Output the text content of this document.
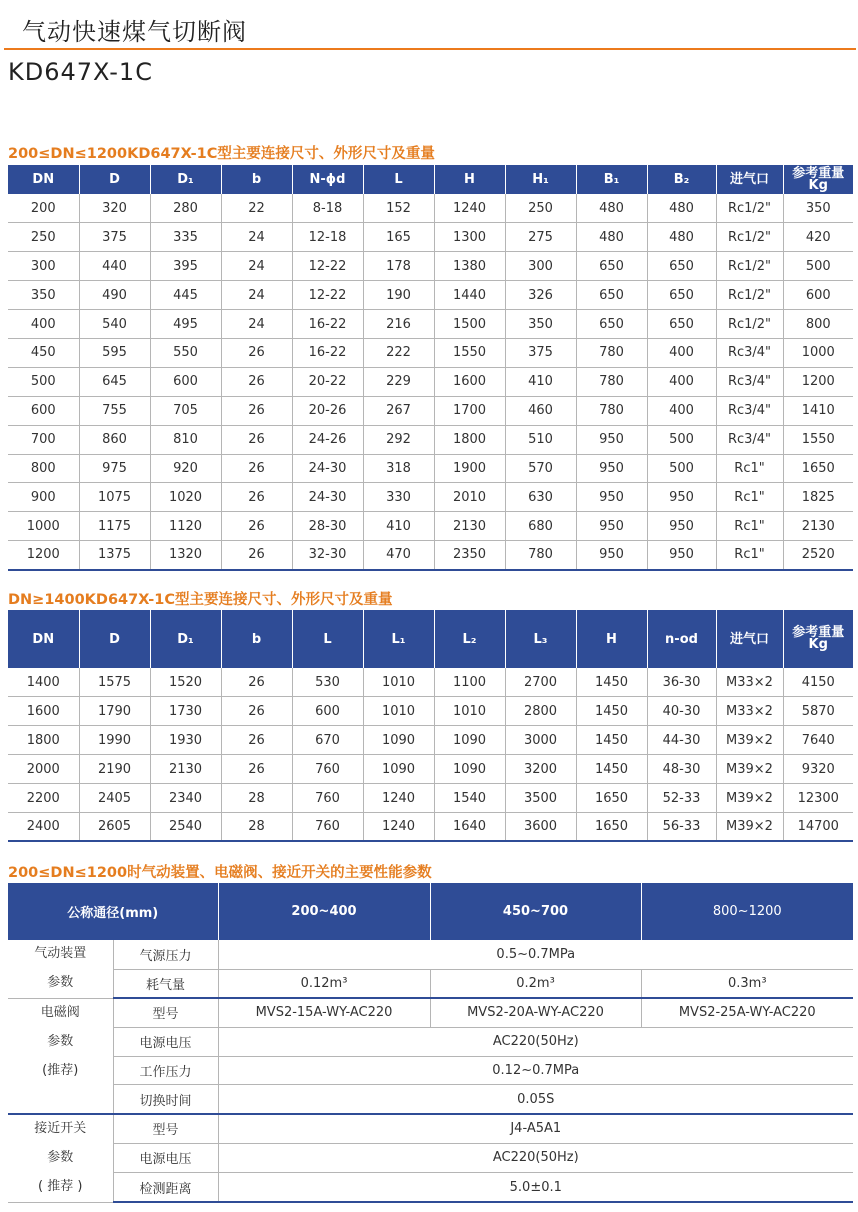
气动快速煤气切断阀
KD647X-1C
200≤DN≤1200KD647X-1C型主要连接尺寸、外形尺寸及重量
DN	D	D₁	b	N-ϕd	L	H	H₁	B₁	B₂	进气口	参考重量
Kg
200	320	280	22	8-18	152	1240	250	480	480	Rc1/2"	350
250	375	335	24	12-18	165	1300	275	480	480	Rc1/2"	420
300	440	395	24	12-22	178	1380	300	650	650	Rc1/2"	500
350	490	445	24	12-22	190	1440	326	650	650	Rc1/2"	600
400	540	495	24	16-22	216	1500	350	650	650	Rc1/2"	800
450	595	550	26	16-22	222	1550	375	780	400	Rc3/4"	1000
500	645	600	26	20-22	229	1600	410	780	400	Rc3/4"	1200
600	755	705	26	20-26	267	1700	460	780	400	Rc3/4"	1410
700	860	810	26	24-26	292	1800	510	950	500	Rc3/4"	1550
800	975	920	26	24-30	318	1900	570	950	500	Rc1"	1650
900	1075	1020	26	24-30	330	2010	630	950	950	Rc1"	1825
1000	1175	1120	26	28-30	410	2130	680	950	950	Rc1"	2130
1200	1375	1320	26	32-30	470	2350	780	950	950	Rc1"	2520
DN≥1400KD647X-1C型主要连接尺寸、外形尺寸及重量
DN	D	D₁	b	L	L₁	L₂	L₃	H	n-od	进气口	参考重量
Kg
1400	1575	1520	26	530	1010	1100	2700	1450	36-30	M33×2	4150
1600	1790	1730	26	600	1010	1010	2800	1450	40-30	M33×2	5870
1800	1990	1930	26	670	1090	1090	3000	1450	44-30	M39×2	7640
2000	2190	2130	26	760	1090	1090	3200	1450	48-30	M39×2	9320
2200	2405	2340	28	760	1240	1540	3500	1650	52-33	M39×2	12300
2400	2605	2540	28	760	1240	1640	3600	1650	56-33	M39×2	14700
200≤DN≤1200时气动装置、电磁阀、接近开关的主要性能参数
公称通径(mm)		200~400	450~700	800~1200

气动装置
参数	气源压力	0.5~0.7MPa		
	耗气量	0.12m³	0.2m³	0.3m³

电磁阀
参数
(推荐)	型号	MVS2-15A-WY-AC220	MVS2-20A-WY-AC220	MVS2-25A-WY-AC220
	电源电压	AC220(50Hz)		
	工作压力	0.12~0.7MPa		
	切换时间	0.05S		

接近开关
参数
( 推荐 )	型号	J4-A5A1		
	电源电压	AC220(50Hz)		
	检测距离	5.0±0.1		
